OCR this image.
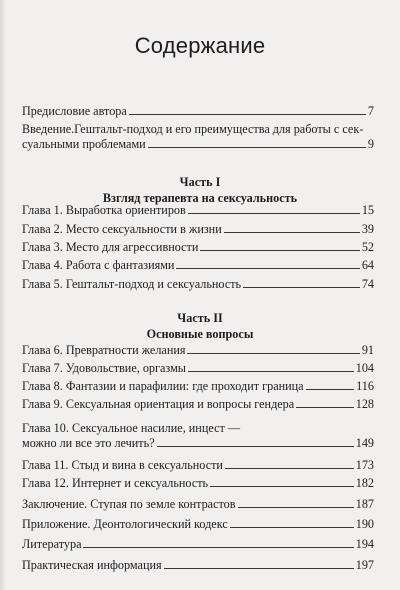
Содержание
Предисловие автора	7
Введение.Гештальт-подход и его преимущества для работы с сек-
суальными проблемами	9
Часть I
Взгляд терапевта на сексуальность
Глава 1. Выработка ориентиров	15
Глава 2. Место сексуальности в жизни	39
Глава 3. Место для агрессивности	52
Глава 4. Работа с фантазиями	64
Глава 5. Гештальт-подход и сексуальность	74
Часть II
Основные вопросы
Глава 6. Превратности желания	91
Глава 7. Удовольствие, оргазмы	104
Глава 8. Фантазии и парафилии: где проходит граница	116
Глава 9. Сексуальная ориентация и вопросы гендера	128
Глава 10. Сексуальное насилие, инцест —
можно ли все это лечить?	149
Глава 11. Стыд и вина в сексуальности	173
Глава 12. Интернет и сексуальность	182
Заключение. Ступая по земле контрастов	187
Приложение. Деонтологический кодекс	190
Литература	194
Практическая информация	197
